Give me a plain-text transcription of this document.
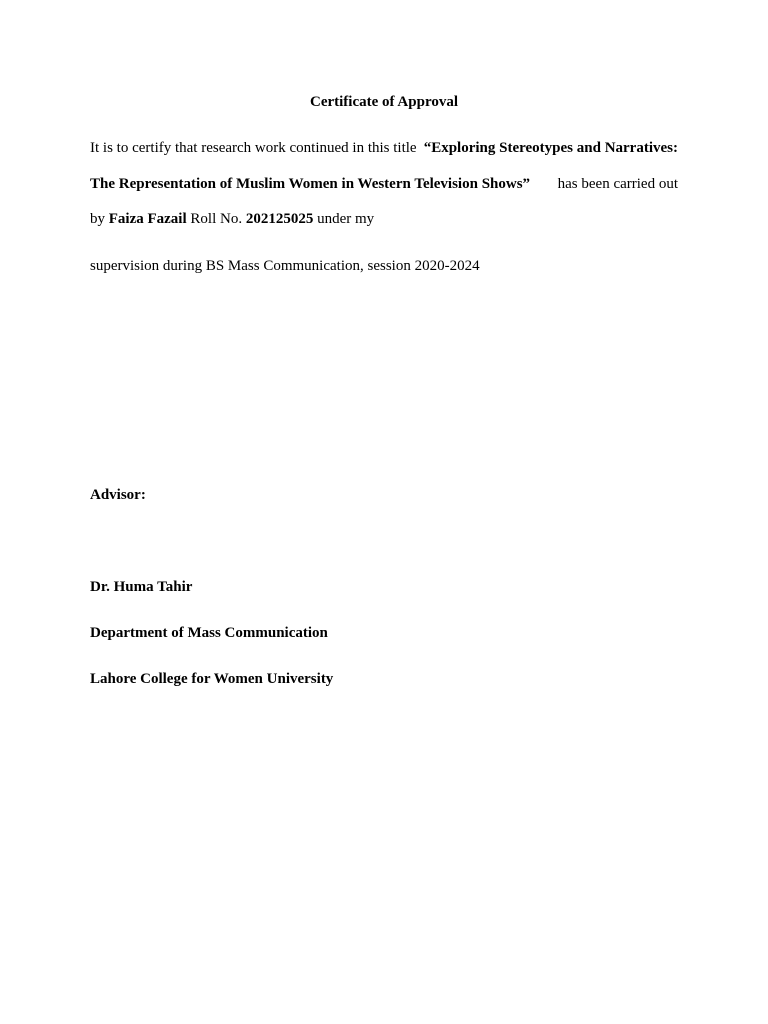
Certificate of Approval
It is to certify that research work continued in this title “Exploring Stereotypes and Narratives:
The Representation of Muslim Women in Western Television Shows” has been carried out
by Faiza Fazail Roll No. 202125025 under my
supervision during BS Mass Communication, session 2020-2024
Advisor:
Dr. Huma Tahir
Department of Mass Communication
Lahore College for Women University
